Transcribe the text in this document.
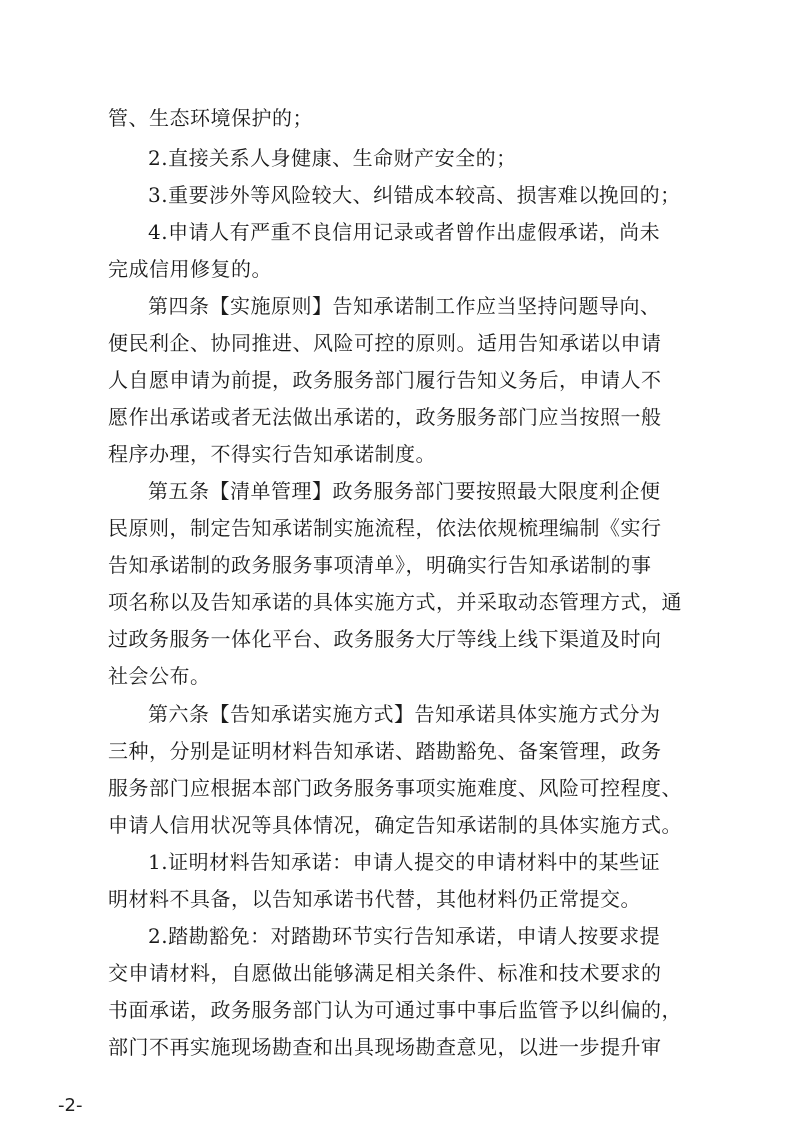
管、生态环境保护的；
2.直接关系人身健康、生命财产安全的；
3.重要涉外等风险较大、纠错成本较高、损害难以挽回的；
4.申请人有严重不良信用记录或者曾作出虚假承诺，尚未
完成信用修复的。
第四条【实施原则】告知承诺制工作应当坚持问题导向、
便民利企、协同推进、风险可控的原则。适用告知承诺以申请
人自愿申请为前提，政务服务部门履行告知义务后，申请人不
愿作出承诺或者无法做出承诺的，政务服务部门应当按照一般
程序办理，不得实行告知承诺制度。
第五条【清单管理】政务服务部门要按照最大限度利企便
民原则，制定告知承诺制实施流程，依法依规梳理编制《实行
告知承诺制的政务服务事项清单》，明确实行告知承诺制的事
项名称以及告知承诺的具体实施方式，并采取动态管理方式，通
过政务服务一体化平台、政务服务大厅等线上线下渠道及时向
社会公布。
第六条【告知承诺实施方式】告知承诺具体实施方式分为
三种，分别是证明材料告知承诺、踏勘豁免、备案管理，政务
服务部门应根据本部门政务服务事项实施难度、风险可控程度、
申请人信用状况等具体情况，确定告知承诺制的具体实施方式。
1.证明材料告知承诺：申请人提交的申请材料中的某些证
明材料不具备，以告知承诺书代替，其他材料仍正常提交。
2.踏勘豁免：对踏勘环节实行告知承诺，申请人按要求提
交申请材料，自愿做出能够满足相关条件、标准和技术要求的
书面承诺，政务服务部门认为可通过事中事后监管予以纠偏的，
部门不再实施现场勘查和出具现场勘查意见，以进一步提升审
-2-
